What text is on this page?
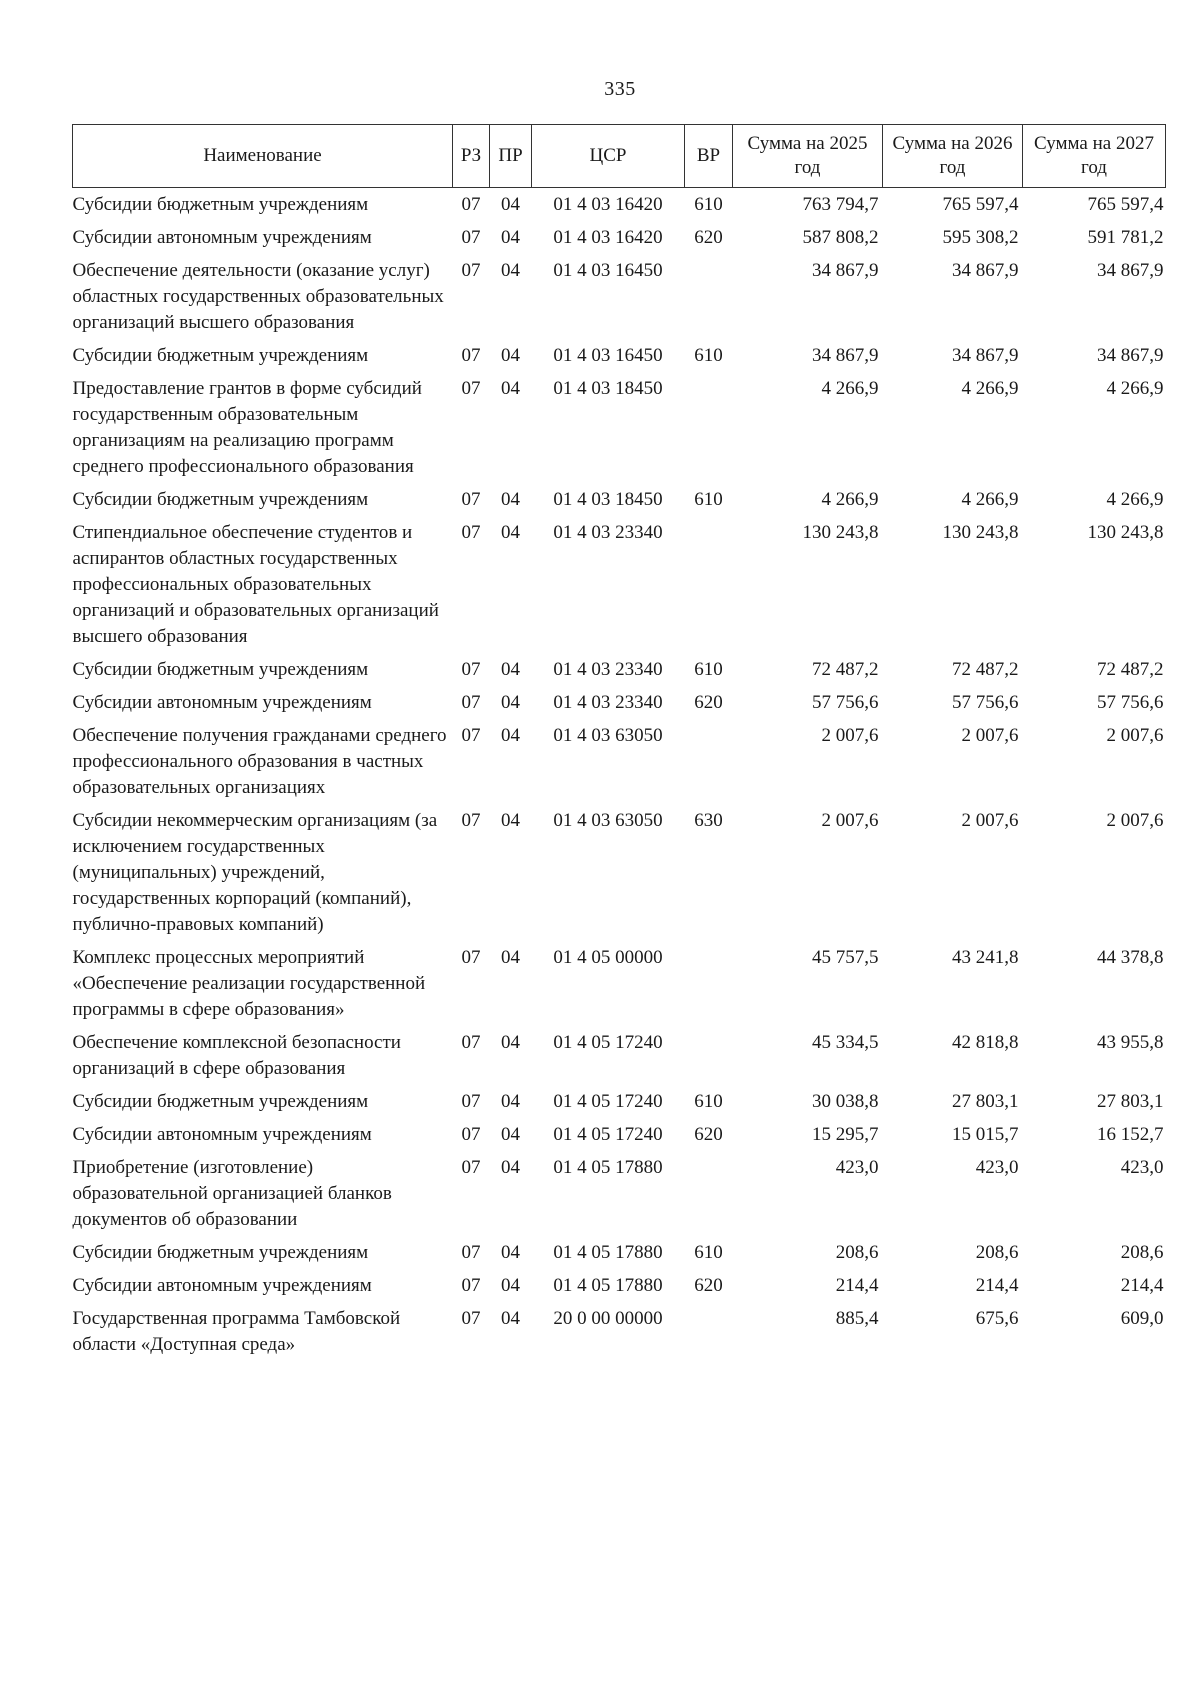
335
Наименование	РЗ	ПР	ЦСР	ВР	Сумма на 2025 год	Сумма на 2026 год	Сумма на 2027 год
Субсидии бюджетным учреждениям	07	04	01 4 03 16420	610	763 794,7	765 597,4	765 597,4
Субсидии автономным учреждениям	07	04	01 4 03 16420	620	587 808,2	595 308,2	591 781,2
Обеспечение деятельности (оказание услуг) областных государственных образовательных организаций высшего образования	07	04	01 4 03 16450		34 867,9	34 867,9	34 867,9
Субсидии бюджетным учреждениям	07	04	01 4 03 16450	610	34 867,9	34 867,9	34 867,9
Предоставление грантов в форме субсидий государственным образовательным организациям на реализацию программ среднего профессионального образования	07	04	01 4 03 18450		4 266,9	4 266,9	4 266,9
Субсидии бюджетным учреждениям	07	04	01 4 03 18450	610	4 266,9	4 266,9	4 266,9
Стипендиальное обеспечение студентов и аспирантов областных государственных профессиональных образовательных организаций и образовательных организаций высшего образования	07	04	01 4 03 23340		130 243,8	130 243,8	130 243,8
Субсидии бюджетным учреждениям	07	04	01 4 03 23340	610	72 487,2	72 487,2	72 487,2
Субсидии автономным учреждениям	07	04	01 4 03 23340	620	57 756,6	57 756,6	57 756,6
Обеспечение получения гражданами среднего профессионального образования в частных образовательных организациях	07	04	01 4 03 63050		2 007,6	2 007,6	2 007,6
Субсидии некоммерческим организациям (за исключением государственных (муниципальных) учреждений, государственных корпораций (компаний), публично-правовых компаний)	07	04	01 4 03 63050	630	2 007,6	2 007,6	2 007,6
Комплекс процессных мероприятий «Обеспечение реализации государственной программы в сфере образования»	07	04	01 4 05 00000		45 757,5	43 241,8	44 378,8
Обеспечение комплексной безопасности организаций в сфере образования	07	04	01 4 05 17240		45 334,5	42 818,8	43 955,8
Субсидии бюджетным учреждениям	07	04	01 4 05 17240	610	30 038,8	27 803,1	27 803,1
Субсидии автономным учреждениям	07	04	01 4 05 17240	620	15 295,7	15 015,7	16 152,7
Приобретение (изготовление) образовательной организацией бланков документов об образовании	07	04	01 4 05 17880		423,0	423,0	423,0
Субсидии бюджетным учреждениям	07	04	01 4 05 17880	610	208,6	208,6	208,6
Субсидии автономным учреждениям	07	04	01 4 05 17880	620	214,4	214,4	214,4
Государственная программа Тамбовской области «Доступная среда»	07	04	20 0 00 00000		885,4	675,6	609,0
